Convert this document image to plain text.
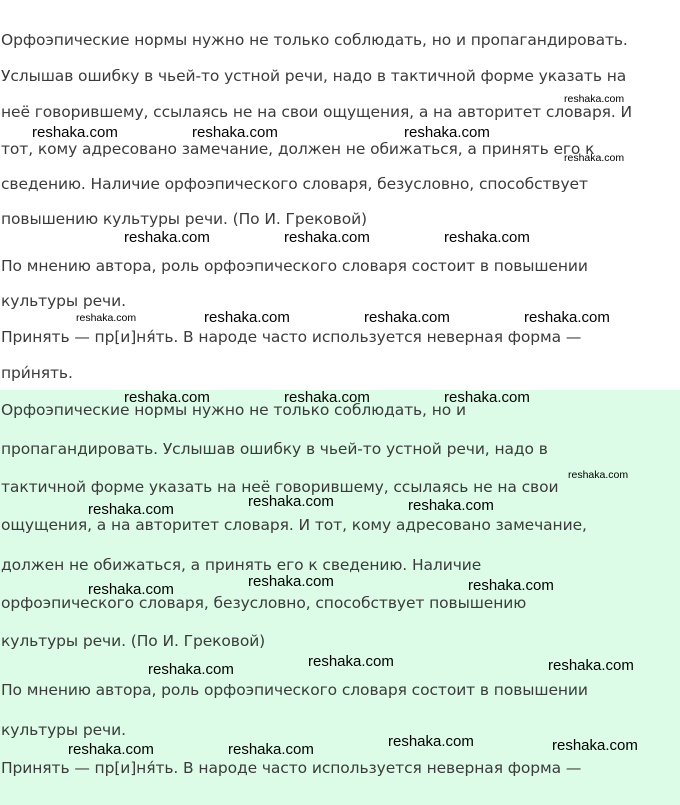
Орфоэпические нормы нужно не только соблюдать, но и пропагандировать.
Услышав ошибку в чьей-то устной речи, надо в тактичной форме указать на
неё говорившему, ссылаясь не на свои ощущения, а на авторитет словаря. И
тот, кому адресовано замечание, должен не обижаться, а принять его к
сведению. Наличие орфоэпического словаря, безусловно, способствует
повышению культуры речи. (По И. Грековой)
По мнению автора, роль орфоэпического словаря состоит в повышении
культуры речи.
Принять — пр[и]ня́ть. В народе часто используется неверная форма —
при́нять.
Орфоэпические нормы нужно не только соблюдать, но и
пропагандировать. Услышав ошибку в чьей-то устной речи, надо в
тактичной форме указать на неё говорившему, ссылаясь не на свои
ощущения, а на авторитет словаря. И тот, кому адресовано замечание,
должен не обижаться, а принять его к сведению. Наличие
орфоэпического словаря, безусловно, способствует повышению
культуры речи. (По И. Грековой)
По мнению автора, роль орфоэпического словаря состоит в повышении
культуры речи.
Принять — пр[и]ня́ть. В народе часто используется неверная форма —
reshaka.com
reshaka.com	reshaka.com	reshaka.com
reshaka.com
reshaka.com	reshaka.com	reshaka.com
reshaka.com	reshaka.com	reshaka.com	reshaka.com
reshaka.com	reshaka.com	reshaka.com
reshaka.com
reshaka.com
reshaka.com	reshaka.com
reshaka.com
reshaka.com	reshaka.com
reshaka.com
reshaka.com	reshaka.com
reshaka.com
reshaka.com	reshaka.com	reshaka.com
